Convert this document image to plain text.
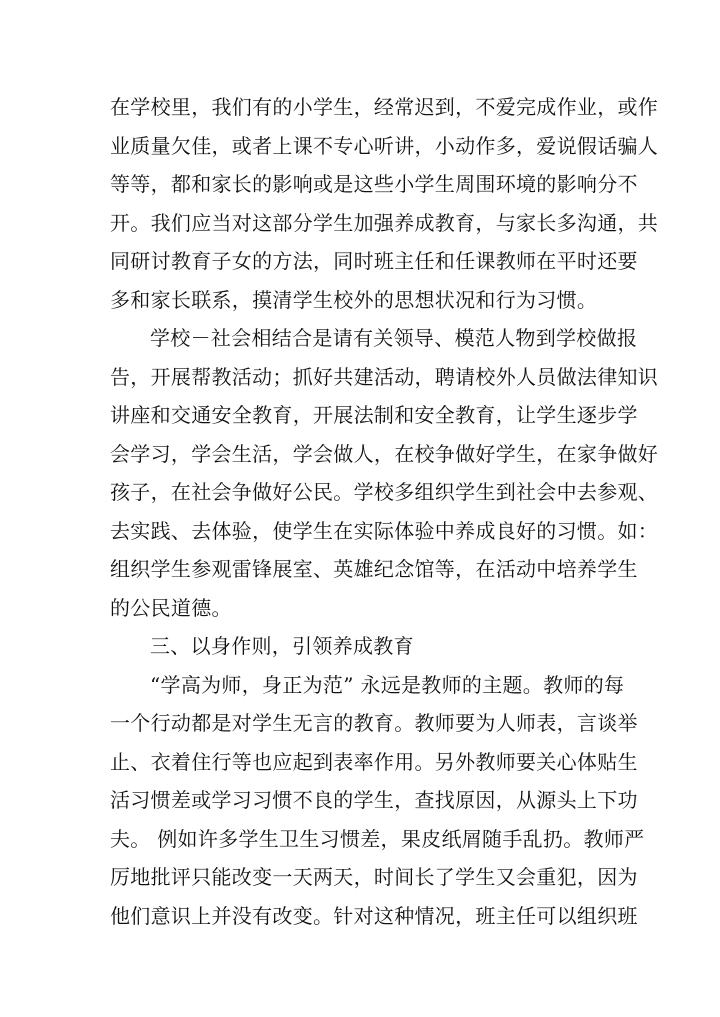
在学校里，我们有的小学生，经常迟到，不爱完成作业，或作
业质量欠佳，或者上课不专心听讲，小动作多，爱说假话骗人
等等，都和家长的影响或是这些小学生周围环境的影响分不
开。我们应当对这部分学生加强养成教育，与家长多沟通，共
同研讨教育子女的方法，同时班主任和任课教师在平时还要
多和家长联系，摸清学生校外的思想状况和行为习惯。
学校－社会相结合是请有关领导、模范人物到学校做报
告，开展帮教活动；抓好共建活动，聘请校外人员做法律知识
讲座和交通安全教育，开展法制和安全教育，让学生逐步学
会学习，学会生活，学会做人，在校争做好学生，在家争做好
孩子，在社会争做好公民。学校多组织学生到社会中去参观、
去实践、去体验，使学生在实际体验中养成良好的习惯。如：
组织学生参观雷锋展室、英雄纪念馆等，在活动中培养学生
的公民道德。
三、以身作则，引领养成教育
“学高为师，身正为范” 永远是教师的主题。教师的每
一个行动都是对学生无言的教育。教师要为人师表，言谈举
止、衣着住行等也应起到表率作用。另外教师要关心体贴生
活习惯差或学习习惯不良的学生，查找原因，从源头上下功
夫。 例如许多学生卫生习惯差，果皮纸屑随手乱扔。教师严
厉地批评只能改变一天两天，时间长了学生又会重犯，因为
他们意识上并没有改变。针对这种情况，班主任可以组织班
